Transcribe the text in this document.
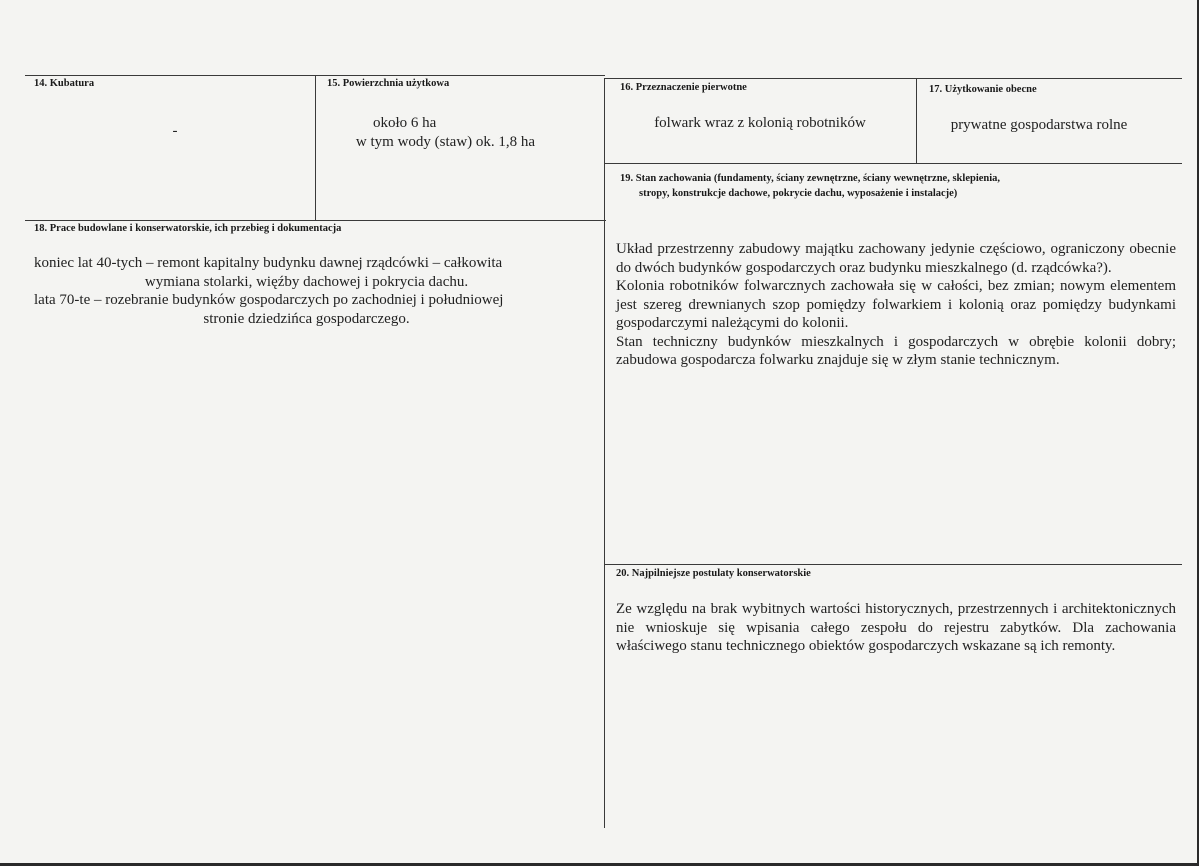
14. Kubatura
-
15. Powierzchnia użytkowa
około 6 ha
w tym wody (staw) ok. 1,8 ha
16. Przeznaczenie pierwotne
folwark wraz z kolonią robotników
17. Użytkowanie obecne
prywatne gospodarstwa rolne
18. Prace budowlane i konserwatorskie, ich przebieg i dokumentacja
koniec lat 40-tych – remont kapitalny budynku dawnej rządcówki – całkowita
wymiana stolarki, więźby dachowej i pokrycia dachu.
lata 70-te – rozebranie budynków gospodarczych po zachodniej i południowej
stronie dziedzińca gospodarczego.
19. Stan zachowania (fundamenty, ściany zewnętrzne, ściany wewnętrzne, sklepienia,
stropy, konstrukcje dachowe, pokrycie dachu, wyposażenie i instalacje)
Układ przestrzenny zabudowy majątku zachowany jedynie częściowo, ograniczony obecnie do dwóch budynków gospodarczych oraz budynku mieszkalnego (d. rządcówka?).
Kolonia robotników folwarcznych zachowała się w całości, bez zmian; nowym elementem jest szereg drewnianych szop pomiędzy folwarkiem i kolonią oraz pomiędzy budynkami gospodarczymi należącymi do kolonii.
Stan techniczny budynków mieszkalnych i gospodarczych w obrębie kolonii dobry; zabudowa gospodarcza folwarku znajduje się w złym stanie technicznym.
20. Najpilniejsze postulaty konserwatorskie
Ze względu na brak wybitnych wartości historycznych, przestrzennych i architektonicznych nie wnioskuje się wpisania całego zespołu do rejestru zabytków. Dla zachowania właściwego stanu technicznego obiektów gospodarczych wskazane są ich remonty.
